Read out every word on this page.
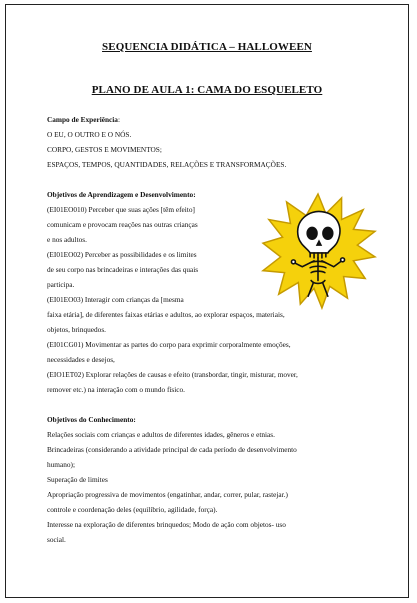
SEQUENCIA DIDÁTICA – HALLOWEEN
PLANO DE AULA 1: CAMA DO ESQUELETO

Campo de Experiência:

O EU, O OUTRO E O NÓS.

CORPO, GESTOS E MOVIMENTOS;

ESPAÇOS, TEMPOS, QUANTIDADES, RELAÇÕES E TRANSFORMAÇÕES.

Objetivos de Aprendizagem e Desenvolvimento:

(EI01EO010) Perceber que suas ações [têm efeito]

comunicam e provocam reações nas outras crianças

e nos adultos.

(EI01EO02) Perceber as possibilidades e os limites

de seu corpo nas brincadeiras e interações das quais

participa.

(EI01EO03) Interagir com crianças da [mesma

faixa etária], de diferentes faixas etárias e adultos, ao explorar espaços, materiais,

objetos, brinquedos.

(EI01CG01) Movimentar as partes do corpo para exprimir corporalmente emoções,

necessidades e desejos,

(EIO1ET02) Explorar relações de causas e efeito (transbordar, tingir, misturar, mover,

remover etc.) na interação com o mundo físico.

Objetivos do Conhecimento:

Relações sociais com crianças e adultos de diferentes idades, gêneros e etnias.

Brincadeiras (considerando a atividade principal de cada período de desenvolvimento

humano);

Superação de limites

Apropriação progressiva de movimentos (engatinhar, andar, correr, pular, rastejar.)

controle e coordenação deles (equilíbrio, agilidade, força).

Interesse na exploração de diferentes brinquedos; Modo de ação com objetos- uso

social.
